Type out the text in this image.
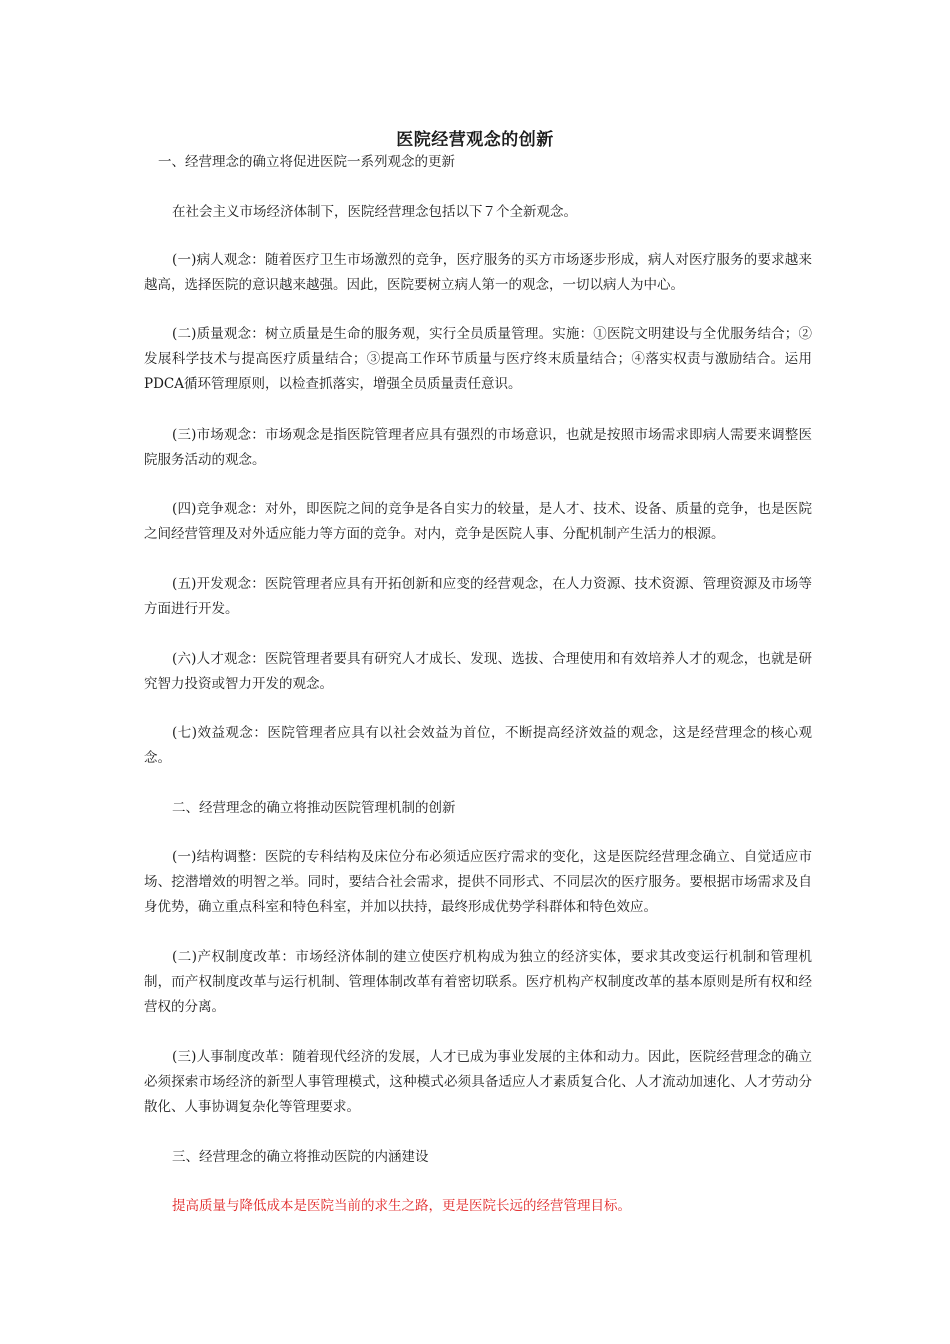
医院经营观念的创新

一、经营理念的确立将促进医院一系列观念的更新

在社会主义市场经济体制下，医院经营理念包括以下７个全新观念。

(一)病人观念：随着医疗卫生市场激烈的竞争，医疗服务的买方市场逐步形成，病人对医疗服务的要求越来越高，选择医院的意识越来越强。因此，医院要树立病人第一的观念，一切以病人为中心。

(二)质量观念：树立质量是生命的服务观，实行全员质量管理。实施：①医院文明建设与全优服务结合；②发展科学技术与提高医疗质量结合；③提高工作环节质量与医疗终末质量结合；④落实权责与激励结合。运用PDCA循环管理原则，以检查抓落实，增强全员质量责任意识。

(三)市场观念：市场观念是指医院管理者应具有强烈的市场意识，也就是按照市场需求即病人需要来调整医院服务活动的观念。

(四)竞争观念：对外，即医院之间的竞争是各自实力的较量，是人才、技术、设备、质量的竞争，也是医院之间经营管理及对外适应能力等方面的竞争。对内，竞争是医院人事、分配机制产生活力的根源。

(五)开发观念：医院管理者应具有开拓创新和应变的经营观念，在人力资源、技术资源、管理资源及市场等方面进行开发。

(六)人才观念：医院管理者要具有研究人才成长、发现、选拔、合理使用和有效培养人才的观念，也就是研究智力投资或智力开发的观念。

(七)效益观念：医院管理者应具有以社会效益为首位，不断提高经济效益的观念，这是经营理念的核心观念。

二、经营理念的确立将推动医院管理机制的创新

(一)结构调整：医院的专科结构及床位分布必须适应医疗需求的变化，这是医院经营理念确立、自觉适应市场、挖潜增效的明智之举。同时，要结合社会需求，提供不同形式、不同层次的医疗服务。要根据市场需求及自身优势，确立重点科室和特色科室，并加以扶持，最终形成优势学科群体和特色效应。

(二)产权制度改革：市场经济体制的建立使医疗机构成为独立的经济实体，要求其改变运行机制和管理机制，而产权制度改革与运行机制、管理体制改革有着密切联系。医疗机构产权制度改革的基本原则是所有权和经营权的分离。

(三)人事制度改革：随着现代经济的发展，人才已成为事业发展的主体和动力。因此，医院经营理念的确立必须探索市场经济的新型人事管理模式，这种模式必须具备适应人才素质复合化、人才流动加速化、人才劳动分散化、人事协调复杂化等管理要求。

三、经营理念的确立将推动医院的内涵建设

提高质量与降低成本是医院当前的求生之路，更是医院长远的经营管理目标。
